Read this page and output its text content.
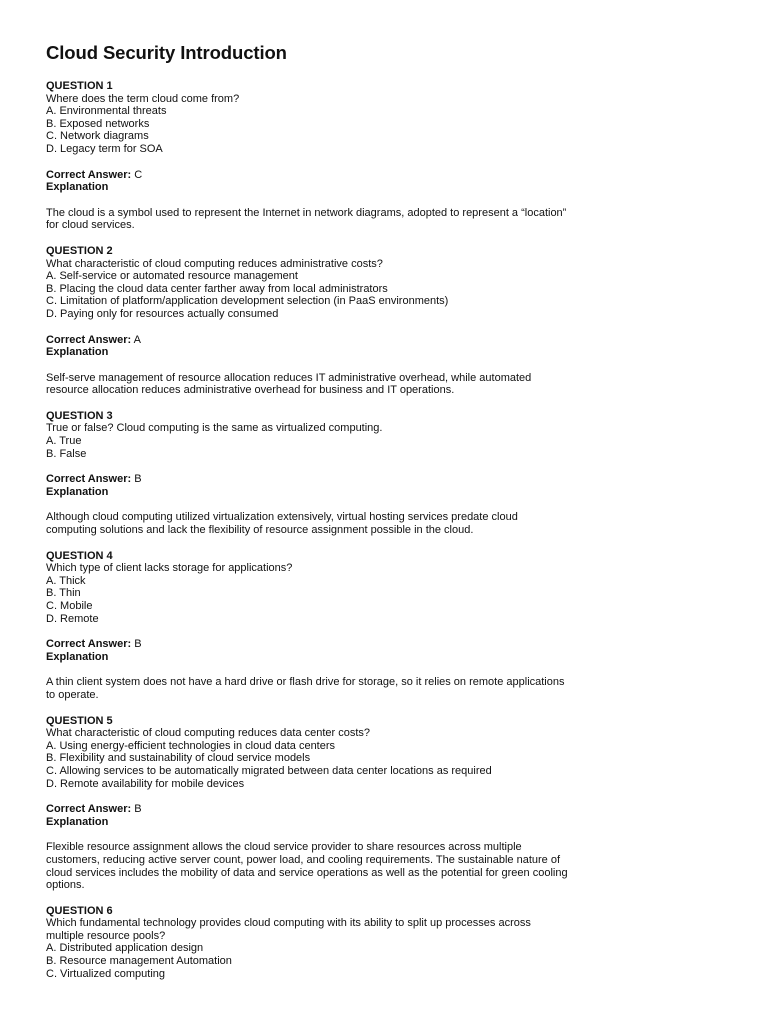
Cloud Security Introduction
QUESTION 1
Where does the term cloud come from?
A. Environmental threats
B. Exposed networks
C. Network diagrams
D. Legacy term for SOA
Correct Answer: C
Explanation
The cloud is a symbol used to represent the Internet in network diagrams, adopted to represent a “location”
for cloud services.
QUESTION 2
What characteristic of cloud computing reduces administrative costs?
A. Self-service or automated resource management
B. Placing the cloud data center farther away from local administrators
C. Limitation of platform/application development selection (in PaaS environments)
D. Paying only for resources actually consumed
Correct Answer: A
Explanation
Self-serve management of resource allocation reduces IT administrative overhead, while automated
resource allocation reduces administrative overhead for business and IT operations.
QUESTION 3
True or false? Cloud computing is the same as virtualized computing.
A. True
B. False
Correct Answer: B
Explanation
Although cloud computing utilized virtualization extensively, virtual hosting services predate cloud
computing solutions and lack the flexibility of resource assignment possible in the cloud.
QUESTION 4
Which type of client lacks storage for applications?
A. Thick
B. Thin
C. Mobile
D. Remote
Correct Answer: B
Explanation
A thin client system does not have a hard drive or flash drive for storage, so it relies on remote applications
to operate.
QUESTION 5
What characteristic of cloud computing reduces data center costs?
A. Using energy-efficient technologies in cloud data centers
B. Flexibility and sustainability of cloud service models
C. Allowing services to be automatically migrated between data center locations as required
D. Remote availability for mobile devices
Correct Answer: B
Explanation
Flexible resource assignment allows the cloud service provider to share resources across multiple
customers, reducing active server count, power load, and cooling requirements. The sustainable nature of
cloud services includes the mobility of data and service operations as well as the potential for green cooling
options.
QUESTION 6
Which fundamental technology provides cloud computing with its ability to split up processes across
multiple resource pools?
A. Distributed application design
B. Resource management Automation
C. Virtualized computing
